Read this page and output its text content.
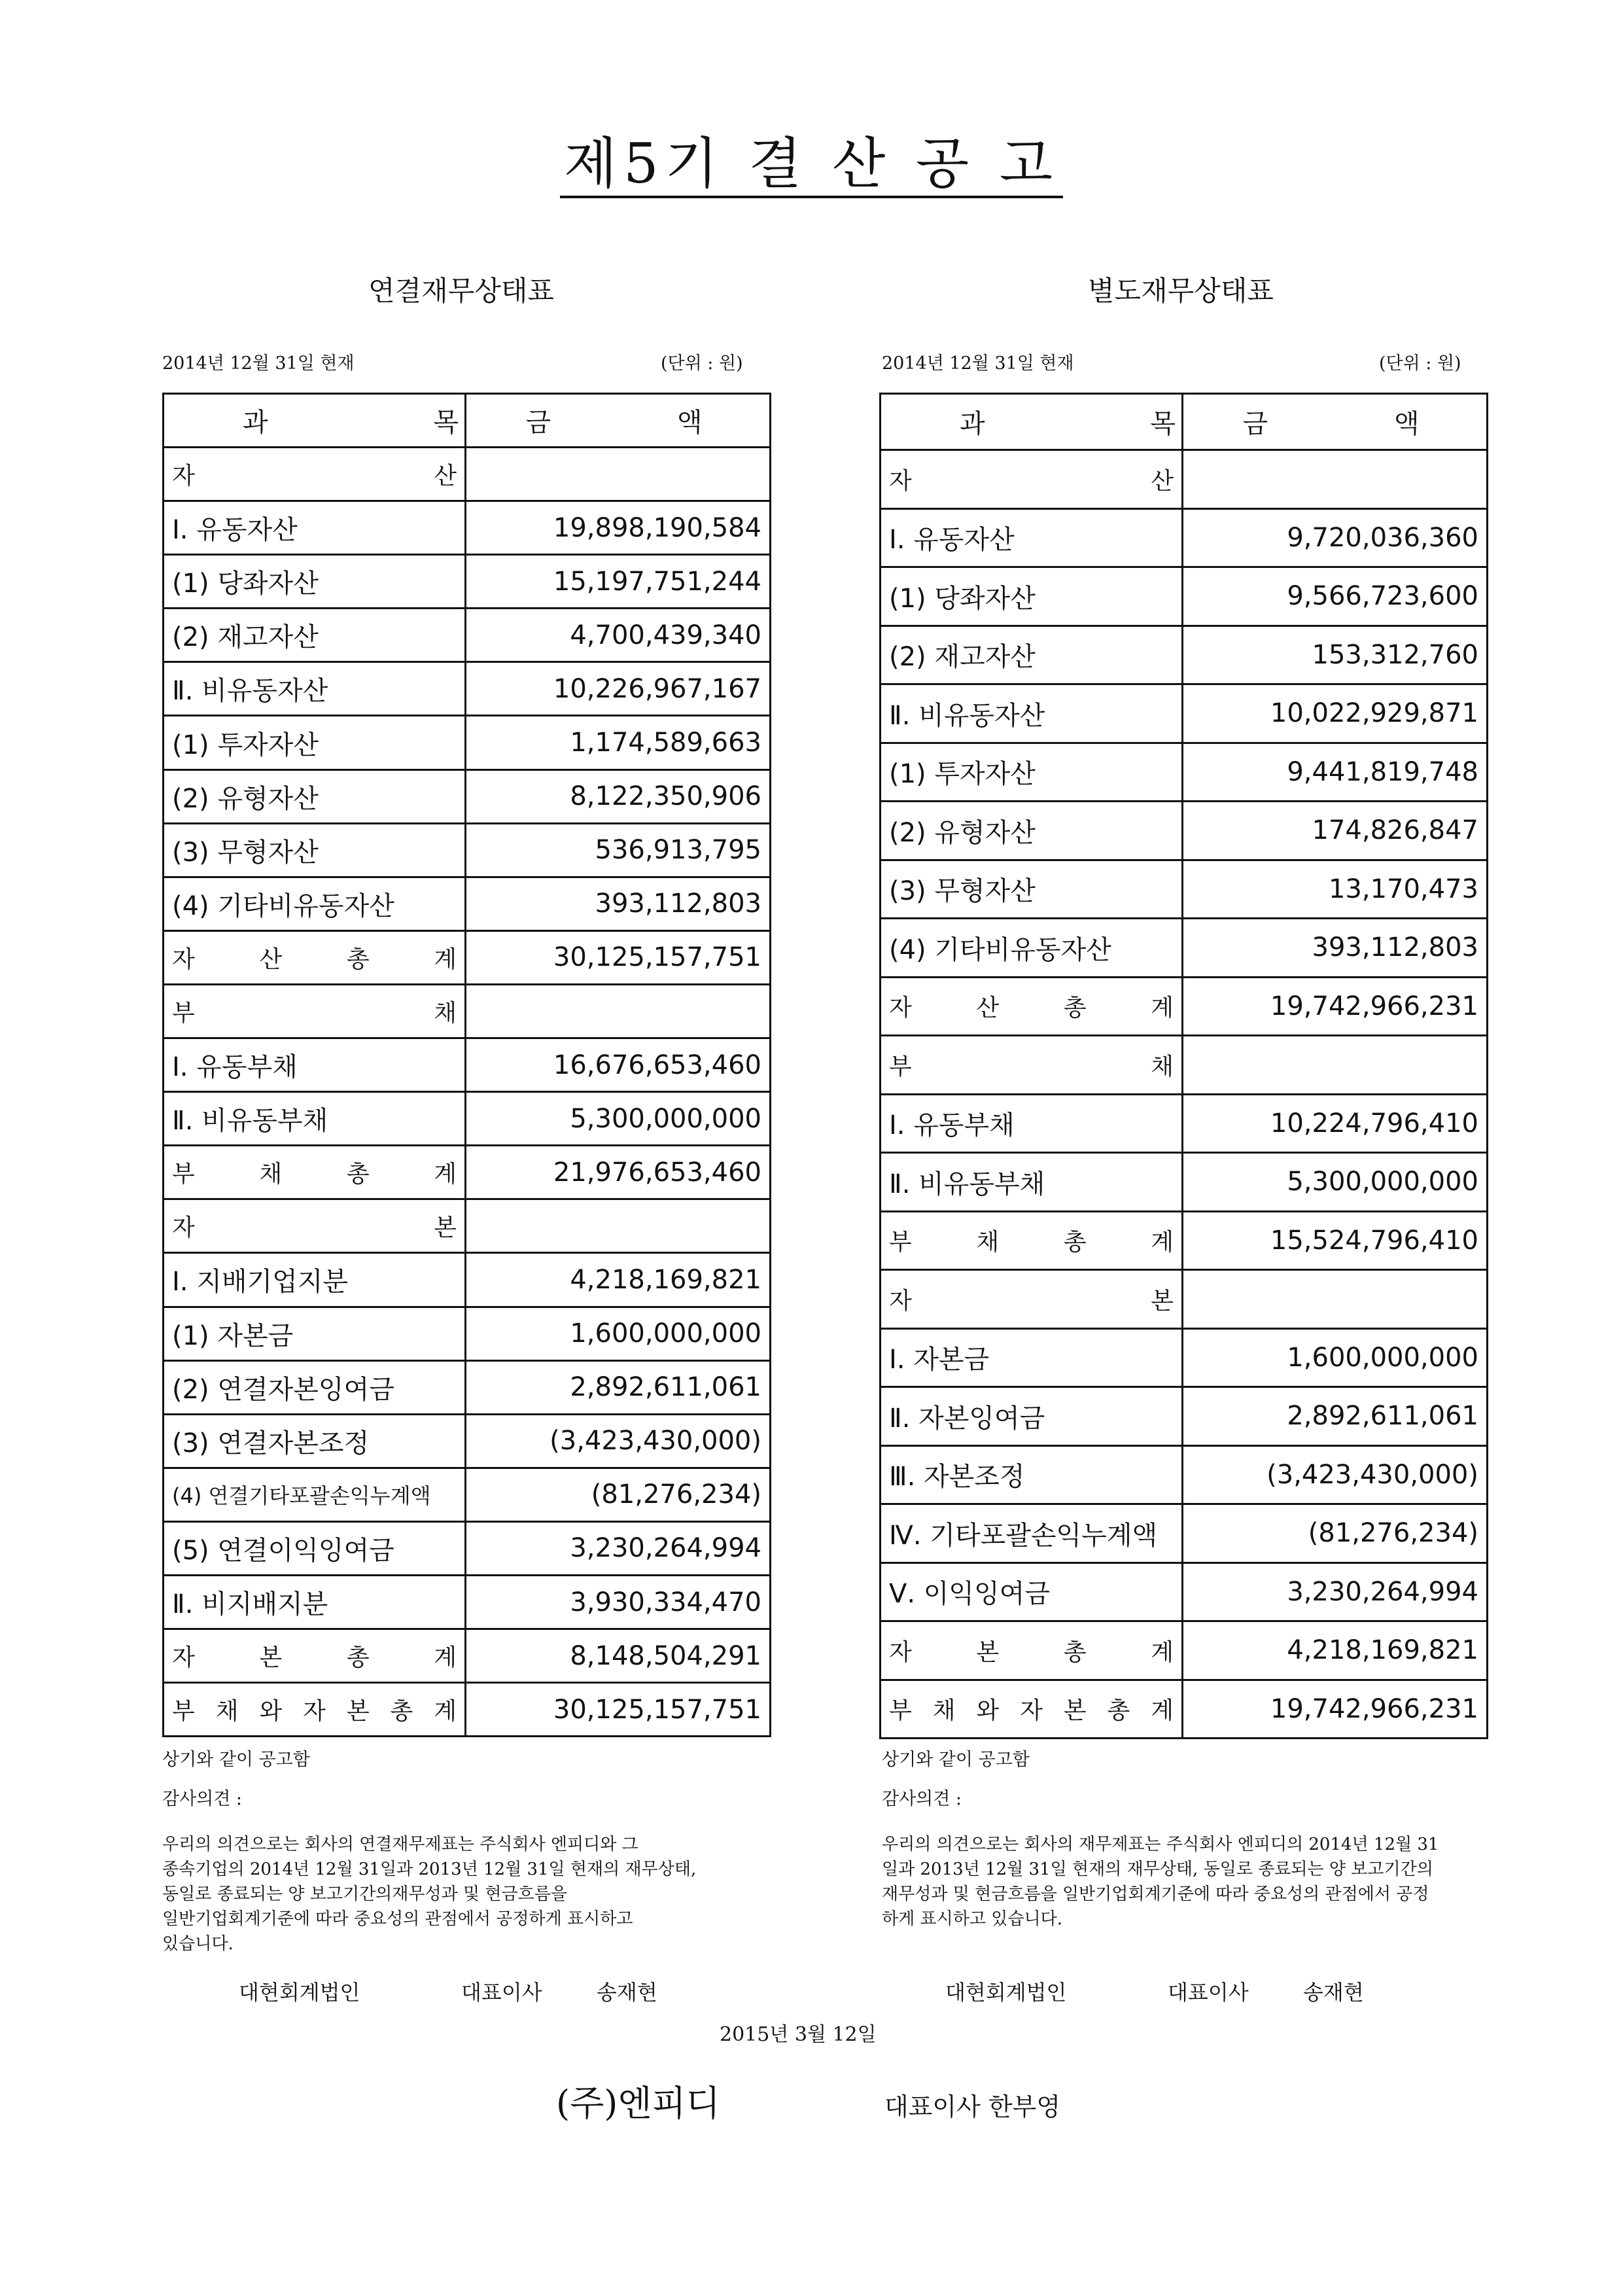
제5기 결 산 공 고
연결재무상태표
2014년 12월 31일 현재	(단위 : 원)
과 목	금 액
자 산	
Ⅰ. 유동자산	19,898,190,584
(1) 당좌자산	15,197,751,244
(2) 재고자산	4,700,439,340
Ⅱ. 비유동자산	10,226,967,167
(1) 투자자산	1,174,589,663
(2) 유형자산	8,122,350,906
(3) 무형자산	536,913,795
(4) 기타비유동자산	393,112,803
자 산 총 계	30,125,157,751
부 채	
Ⅰ. 유동부채	16,676,653,460
Ⅱ. 비유동부채	5,300,000,000
부 채 총 계	21,976,653,460
자 본	
Ⅰ. 지배기업지분	4,218,169,821
(1) 자본금	1,600,000,000
(2) 연결자본잉여금	2,892,611,061
(3) 연결자본조정	(3,423,430,000)
(4) 연결기타포괄손익누계액	(81,276,234)
(5) 연결이익잉여금	3,230,264,994
Ⅱ. 비지배지분	3,930,334,470
자 본 총 계	8,148,504,291
부 채 와 자 본 총 계	30,125,157,751
상기와 같이 공고함
감사의견 :
우리의 의견으로는 회사의 연결재무제표는 주식회사 엔피디와 그
종속기업의 2014년 12월 31일과 2013년 12월 31일 현재의 재무상태,
동일로 종료되는 양 보고기간의재무성과 및 현금흐름을
일반기업회계기준에 따라 중요성의 관점에서 공정하게 표시하고
있습니다.
대현회계법인	대표이사	송재현
별도재무상태표
2014년 12월 31일 현재	(단위 : 원)
과 목	금 액
자 산	
Ⅰ. 유동자산	9,720,036,360
(1) 당좌자산	9,566,723,600
(2) 재고자산	153,312,760
Ⅱ. 비유동자산	10,022,929,871
(1) 투자자산	9,441,819,748
(2) 유형자산	174,826,847
(3) 무형자산	13,170,473
(4) 기타비유동자산	393,112,803
자 산 총 계	19,742,966,231
부 채	
Ⅰ. 유동부채	10,224,796,410
Ⅱ. 비유동부채	5,300,000,000
부 채 총 계	15,524,796,410
자 본	
Ⅰ. 자본금	1,600,000,000
Ⅱ. 자본잉여금	2,892,611,061
Ⅲ. 자본조정	(3,423,430,000)
Ⅳ. 기타포괄손익누계액	(81,276,234)
Ⅴ. 이익잉여금	3,230,264,994
자 본 총 계	4,218,169,821
부 채 와 자 본 총 계	19,742,966,231
상기와 같이 공고함
감사의견 :
우리의 의견으로는 회사의 재무제표는 주식회사 엔피디의 2014년 12월 31
일과 2013년 12월 31일 현재의 재무상태, 동일로 종료되는 양 보고기간의
재무성과 및 현금흐름을 일반기업회계기준에 따라 중요성의 관점에서 공정
하게 표시하고 있습니다.
대현회계법인	대표이사	송재현
2015년 3월 12일
(주)엔피디	대표이사 한부영
